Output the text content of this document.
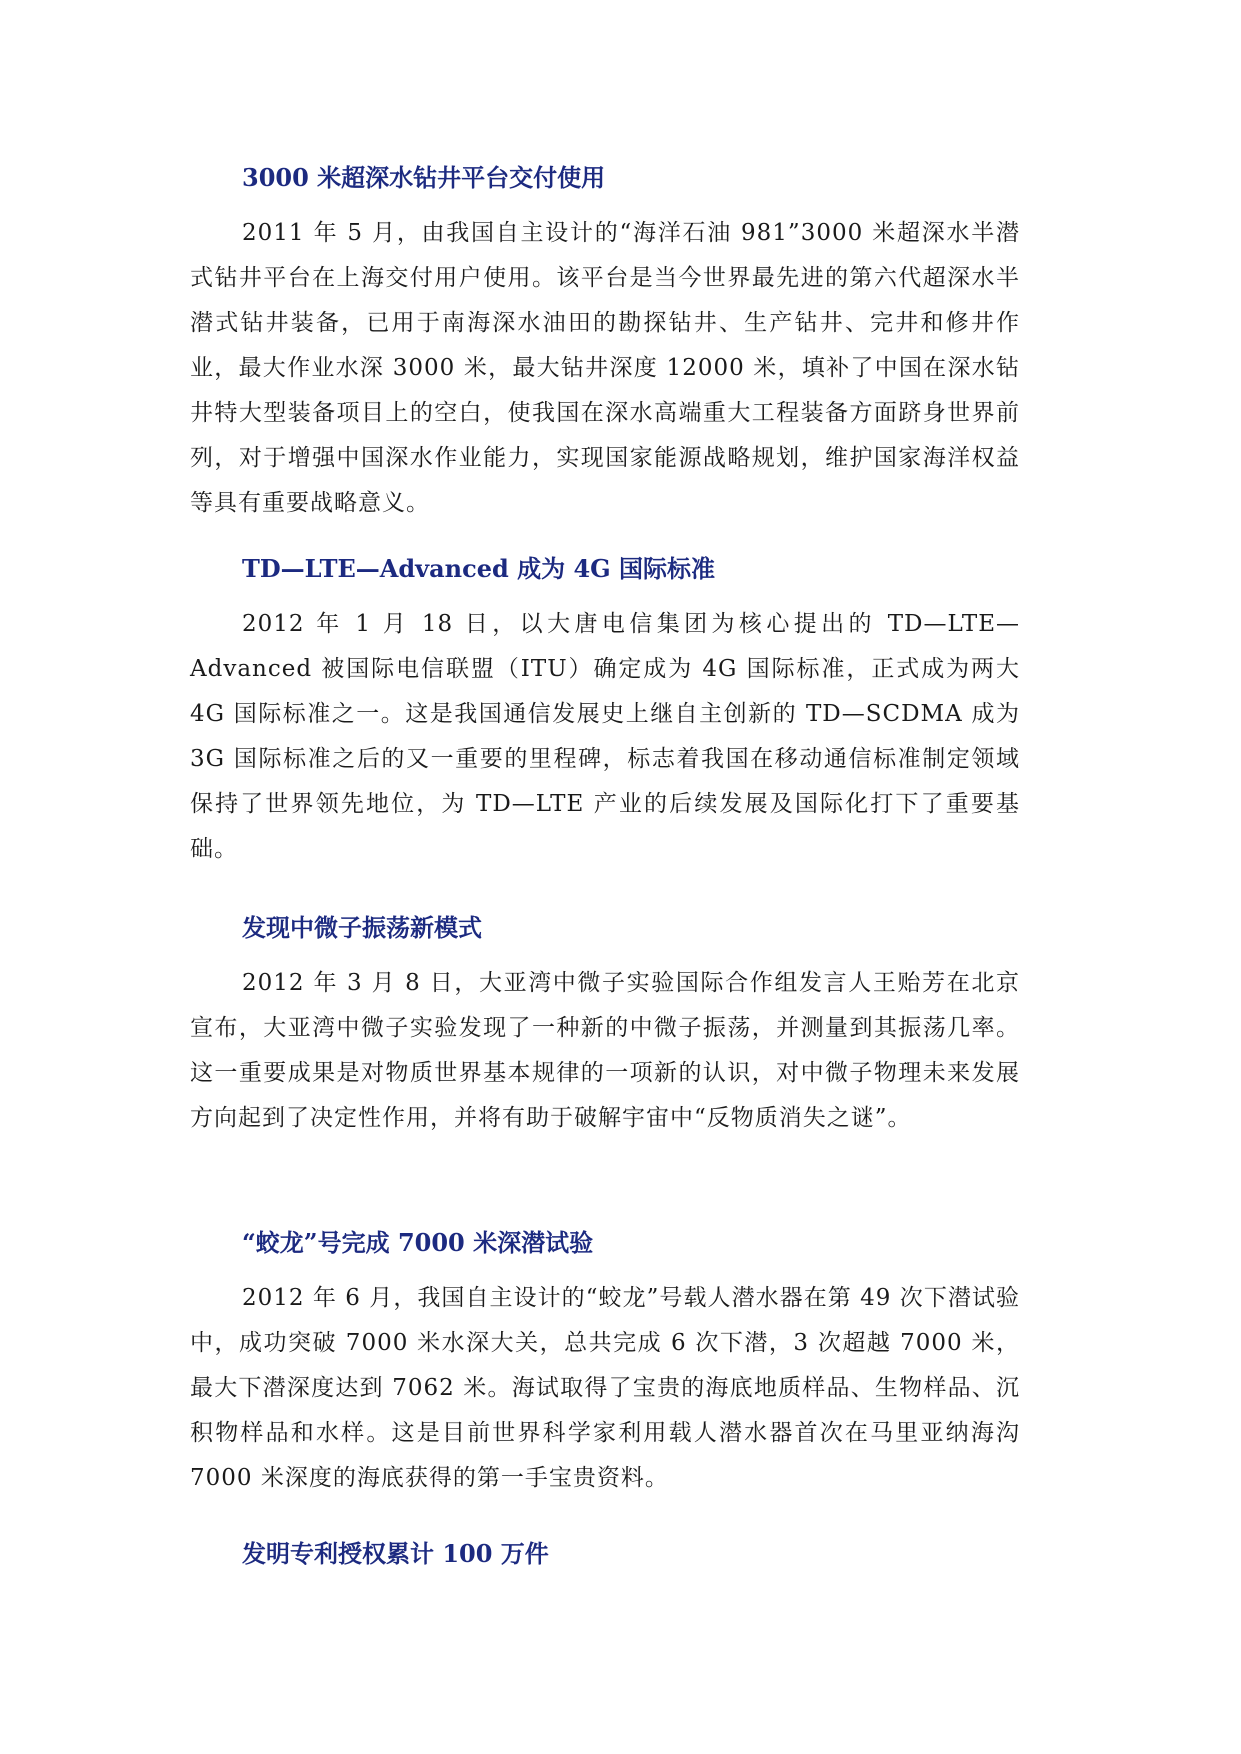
3000 米超深水钻井平台交付使用

2011 年 5 月，由我国自主设计的“海洋石油 981”3000 米超深水半潜式钻井平台在上海交付用户使用。该平台是当今世界最先进的第六代超深水半潜式钻井装备，已用于南海深水油田的勘探钻井、生产钻井、完井和修井作业，最大作业水深 3000 米，最大钻井深度 12000 米，填补了中国在深水钻井特大型装备项目上的空白，使我国在深水高端重大工程装备方面跻身世界前列，对于增强中国深水作业能力，实现国家能源战略规划，维护国家海洋权益等具有重要战略意义。

TD—LTE—Advanced 成为 4G 国际标准

2012 年 1 月 18 日，以大唐电信集团为核心提出的 TD—LTE—Advanced 被国际电信联盟（ITU）确定成为 4G 国际标准，正式成为两大 4G 国际标准之一。这是我国通信发展史上继自主创新的 TD—SCDMA 成为 3G 国际标准之后的又一重要的里程碑，标志着我国在移动通信标准制定领域保持了世界领先地位，为 TD—LTE 产业的后续发展及国际化打下了重要基础。

发现中微子振荡新模式

2012 年 3 月 8 日，大亚湾中微子实验国际合作组发言人王贻芳在北京宣布，大亚湾中微子实验发现了一种新的中微子振荡，并测量到其振荡几率。这一重要成果是对物质世界基本规律的一项新的认识，对中微子物理未来发展方向起到了决定性作用，并将有助于破解宇宙中“反物质消失之谜”。

“蛟龙”号完成 7000 米深潜试验

2012 年 6 月，我国自主设计的“蛟龙”号载人潜水器在第 49 次下潜试验中，成功突破 7000 米水深大关，总共完成 6 次下潜，3 次超越 7000 米，最大下潜深度达到 7062 米。海试取得了宝贵的海底地质样品、生物样品、沉积物样品和水样。这是目前世界科学家利用载人潜水器首次在马里亚纳海沟 7000 米深度的海底获得的第一手宝贵资料。

发明专利授权累计 100 万件
